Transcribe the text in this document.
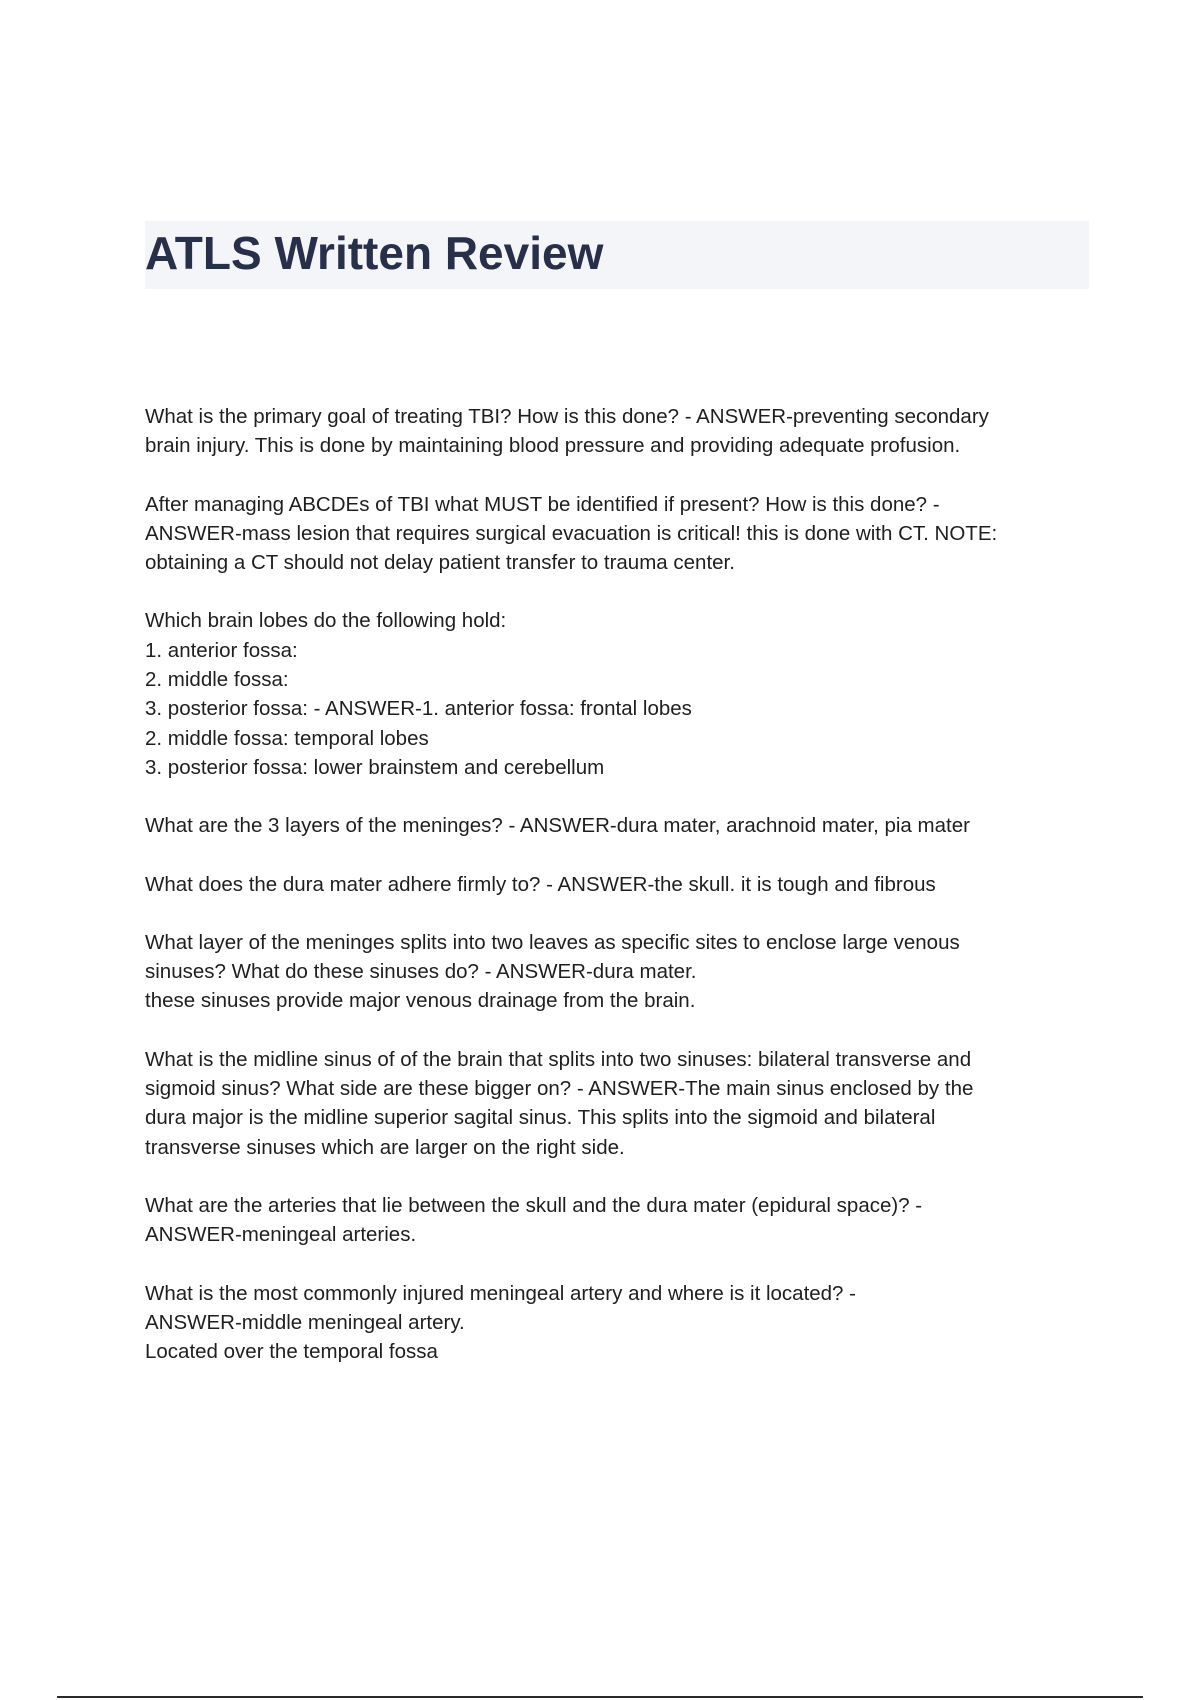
ATLS Written Review

What is the primary goal of treating TBI? How is this done? - ANSWER-preventing secondary
brain injury. This is done by maintaining blood pressure and providing adequate profusion.

After managing ABCDEs of TBI what MUST be identified if present? How is this done? -
ANSWER-mass lesion that requires surgical evacuation is critical! this is done with CT. NOTE:
obtaining a CT should not delay patient transfer to trauma center.

Which brain lobes do the following hold:
1. anterior fossa:
2. middle fossa:
3. posterior fossa: - ANSWER-1. anterior fossa: frontal lobes
2. middle fossa: temporal lobes
3. posterior fossa: lower brainstem and cerebellum

What are the 3 layers of the meninges? - ANSWER-dura mater, arachnoid mater, pia mater

What does the dura mater adhere firmly to? - ANSWER-the skull. it is tough and fibrous

What layer of the meninges splits into two leaves as specific sites to enclose large venous
sinuses? What do these sinuses do? - ANSWER-dura mater.
these sinuses provide major venous drainage from the brain.

What is the midline sinus of of the brain that splits into two sinuses: bilateral transverse and
sigmoid sinus? What side are these bigger on? - ANSWER-The main sinus enclosed by the
dura major is the midline superior sagital sinus. This splits into the sigmoid and bilateral
transverse sinuses which are larger on the right side.

What are the arteries that lie between the skull and the dura mater (epidural space)? -
ANSWER-meningeal arteries.

What is the most commonly injured meningeal artery and where is it located? -
ANSWER-middle meningeal artery.
Located over the temporal fossa
